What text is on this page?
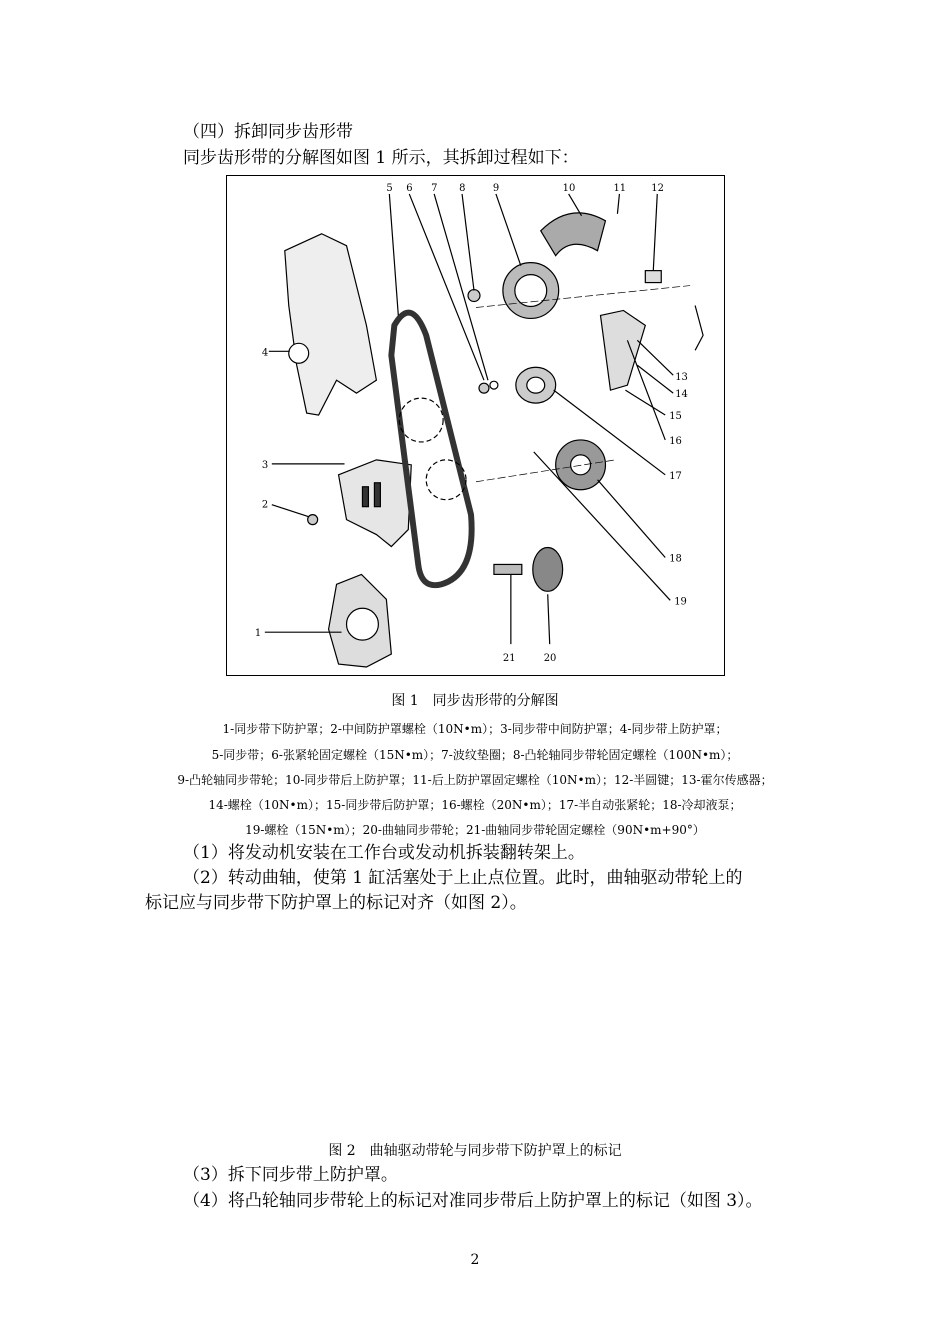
（四）拆卸同步齿形带
同步齿形带的分解图如图 1 所示，其拆卸过程如下：
1
2
3
4
5 6 7 8	9	10	11	12
13
14
15
16
17
18
19
20
21
图 1　同步齿形带的分解图
1-同步带下防护罩；2-中间防护罩螺栓（10N•m）；3-同步带中间防护罩；4-同步带上防护罩；
5-同步带；6-张紧轮固定螺栓（15N•m）；7-波纹垫圈；8-凸轮轴同步带轮固定螺栓（100N•m）；
9-凸轮轴同步带轮；10-同步带后上防护罩；11-后上防护罩固定螺栓（10N•m）；12-半圆键；13-霍尔传感器；
14-螺栓（10N•m）；15-同步带后防护罩；16-螺栓（20N•m）；17-半自动张紧轮；18-冷却液泵；
19-螺栓（15N•m）；20-曲轴同步带轮；21-曲轴同步带轮固定螺栓（90N•m+90°）
（1）将发动机安装在工作台或发动机拆装翻转架上。
（2）转动曲轴，使第 1 缸活塞处于上止点位置。此时，曲轴驱动带轮上的
标记应与同步带下防护罩上的标记对齐（如图 2）。
图 2　曲轴驱动带轮与同步带下防护罩上的标记
（3）拆下同步带上防护罩。
（4）将凸轮轴同步带轮上的标记对准同步带后上防护罩上的标记（如图 3）。
2
